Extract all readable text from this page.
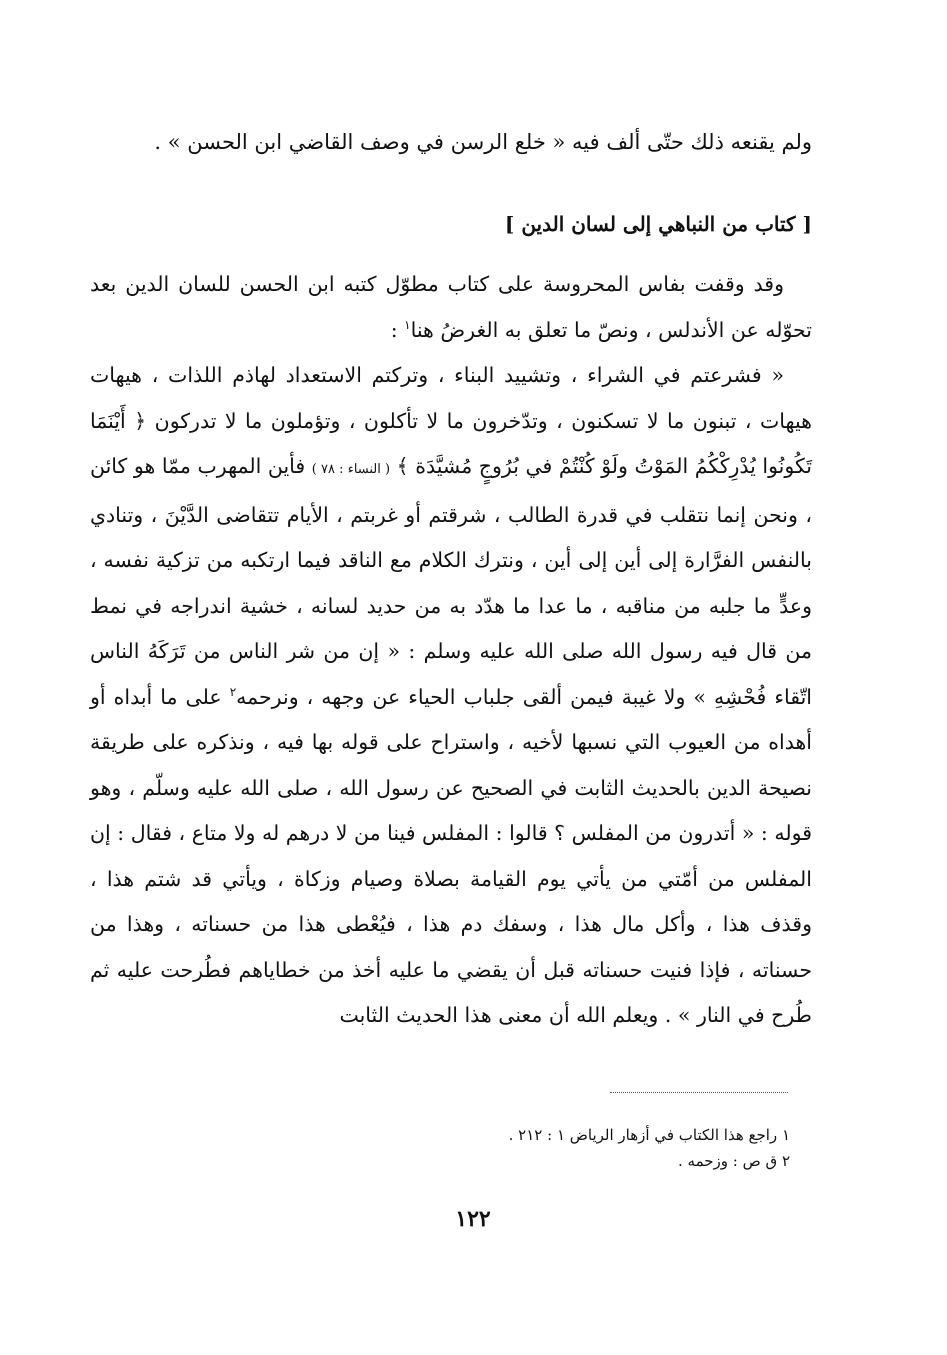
ولم يقنعه ذلك حتّى ألف فيه « خلع الرسن في وصف القاضي ابن الحسن » .
[ كتاب من النباهي إلى لسان الدين ]

وقد وقفت بفاس المحروسة على كتاب مطوّل كتبه ابن الحسن للسان الدين بعد تحوّله عن الأندلس ، ونصّ ما تعلق به الغرضُ هنا$^١$ :

« فشرعتم في الشراء ، وتشييد البناء ، وتركتم الاستعداد لهاذم اللذات ، هيهات هيهات ، تبنون ما لا تسكنون ، وتدّخرون ما لا تأكلون ، وتؤملون ما لا تدركون ﴿ أَيْنَمَا تَكُونُوا يُدْرِكْكُمُ المَوْتُ ولَوْ كُنْتُمْ في بُرُوجٍ مُشيَّدَة ﴾ ( النساء : ٧٨ ) فأين المهرب ممّا هو كائن ، ونحن إنما نتقلب في قدرة الطالب ، شرقتم أو غربتم ، الأيام تتقاضى الدَّيْنَ ، وتنادي بالنفس الفرَّارة إلى أين إلى أين ، ونترك الكلام مع الناقد فيما ارتكبه من تزكية نفسه ، وعدٍّ ما جلبه من مناقبه ، ما عدا ما هدّد به من حديد لسانه ، خشية اندراجه في نمط من قال فيه رسول الله صلى الله عليه وسلم : « إن من شر الناس من تَرَكَهُ الناس اتّقاء فُحْشِهِ » ولا غيبة فيمن ألقى جلباب الحياء عن وجهه ، ونرحمه$^٢$ على ما أبداه أو أهداه من العيوب التي نسبها لأخيه ، واستراح على قوله بها فيه ، ونذكره على طريقة نصيحة الدين بالحديث الثابت في الصحيح عن رسول الله ، صلى الله عليه وسلّم ، وهو قوله : « أتدرون من المفلس ؟ قالوا : المفلس فينا من لا درهم له ولا متاع ، فقال : إن المفلس من أمّتي من يأتي يوم القيامة بصلاة وصيام وزكاة ، ويأتي قد شتم هذا ، وقذف هذا ، وأكل مال هذا ، وسفك دم هذا ، فيُعْطى هذا من حسناته ، وهذا من حسناته ، فإذا فنيت حسناته قبل أن يقضي ما عليه أخذ من خطاياهم فطُرحت عليه ثم طُرح في النار » . ويعلم الله أن معنى هذا الحديث الثابت

١ راجع هذا الكتاب في أزهار الرياض ١ : ٢١٢ .
٢ ق ص : وزحمه .
١٢٢
